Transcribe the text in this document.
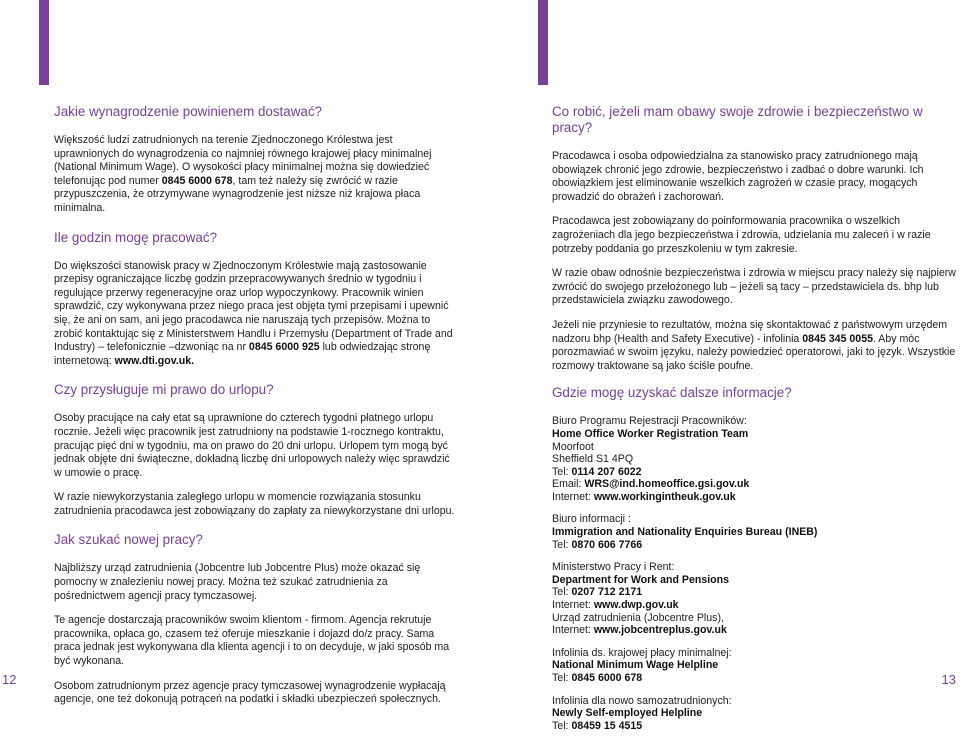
Jakie wynagrodzenie powinienem dostawać?

Większość ludzi zatrudnionych na terenie Zjednoczonego Królestwa jest uprawnionych do wynagrodzenia co najmniej równego krajowej płacy minimalnej (National Minimum Wage). O wysokości płacy minimalnej można się dowiedzieć telefonując pod numer 0845 6000 678, tam też należy się zwrócić w razie przypuszczenia, że otrzymywane wynagrodzenie jest niższe niż krajowa płaca minimalna.

Ile godzin mogę pracować?

Do większości stanowisk pracy w Zjednoczonym Królestwie mają zastosowanie przepisy ograniczające liczbę godzin przepracowywanych średnio w tygodniu i regulujące przerwy regeneracyjne oraz urlop wypoczynkowy. Pracownik winien sprawdzić, czy wykonywana przez niego praca jest objęta tymi przepisami i upewnić się, że ani on sam, ani jego pracodawca nie naruszają tych przepisów. Można to zrobić kontaktując się z Ministerstwem Handlu i Przemysłu (Department of Trade and Industry) – telefonicznie –dzwoniąc na nr 0845 6000 925 lub odwiedzając stronę internetową: www.dti.gov.uk.

Czy przysługuje mi prawo do urlopu?

Osoby pracujące na cały etat są uprawnione do czterech tygodni płatnego urlopu rocznie. Jeżeli więc pracownik jest zatrudniony na podstawie 1-rocznego kontraktu, pracując pięć dni w tygodniu, ma on prawo do 20 dni urlopu. Urlopem tym mogą być jednak objęte dni świąteczne, dokładną liczbę dni urlopowych należy więc sprawdzić w umowie o pracę.

W razie niewykorzystania zaległego urlopu w momencie rozwiązania stosunku zatrudnienia pracodawca jest zobowiązany do zapłaty za niewykorzystane dni urlopu.

Jak szukać nowej pracy?

Najbliższy urząd zatrudnienia (Jobcentre lub Jobcentre Plus) może okazać się pomocny w znalezieniu nowej pracy. Można też szukać zatrudnienia za pośrednictwem agencji pracy tymczasowej.

Te agencje dostarczają pracowników swoim klientom - firmom. Agencja rekrutuje pracownika, opłaca go, czasem też oferuje mieszkanie i dojazd do/z pracy. Sama praca jednak jest wykonywana dla klienta agencji i to on decyduje, w jaki sposób ma być wykonana.

Osobom zatrudnionym przez agencje pracy tymczasowej wynagrodzenie wypłacają agencje, one też dokonują potrąceń na podatki i składki ubezpieczeń społecznych.

Co robić, jeżeli mam obawy swoje zdrowie i bezpieczeństwo w pracy?

Pracodawca i osoba odpowiedzialna za stanowisko pracy zatrudnionego mają obowiązek chronić jego zdrowie, bezpieczeństwo i zadbać o dobre warunki. Ich obowiązkiem jest eliminowanie wszelkich zagrożeń w czasie pracy, mogących prowadzić do obrażeń i zachorowań.

Pracodawca jest zobowiązany do poinformowania pracownika o wszelkich zagrożeniach dla jego bezpieczeństwa i zdrowia, udzielania mu zaleceń i w razie potrzeby poddania go przeszkoleniu w tym zakresie.

W razie obaw odnośnie bezpieczeństwa i zdrowia w miejscu pracy należy się najpierw zwrócić do swojego przełożonego lub – jeżeli są tacy – przedstawiciela ds. bhp lub przedstawiciela związku zawodowego.

Jeżeli nie przyniesie to rezultatów, można się skontaktować z państwowym urzędem nadzoru bhp (Health and Safety Executive) - infolinia 0845 345 0055. Aby móc porozmawiać w swoim języku, należy powiedzieć operatorowi, jaki to język. Wszystkie rozmowy traktowane są jako ściśle poufne.

Gdzie mogę uzyskać dalsze informacje?
Biuro Programu Rejestracji Pracowników:
Home Office Worker Registration Team
Moorfoot
Sheffield S1 4PQ
Tel: 0114 207 6022
Email: WRS@ind.homeoffice.gsi.gov.uk
Internet: www.workingintheuk.gov.uk
Biuro informacji :
Immigration and Nationality Enquiries Bureau (INEB)
Tel: 0870 606 7766
Ministerstwo Pracy i Rent:
Department for Work and Pensions
Tel: 0207 712 2171
Internet: www.dwp.gov.uk
Urząd zatrudnienia (Jobcentre Plus),
Internet: www.jobcentreplus.gov.uk
Infolinia ds. krajowej płacy minimalnej:
National Minimum Wage Helpline
Tel: 0845 6000 678
Infolinia dla nowo samozatrudnionych:
Newly Self-employed Helpline
Tel: 08459 15 4515
12	13
